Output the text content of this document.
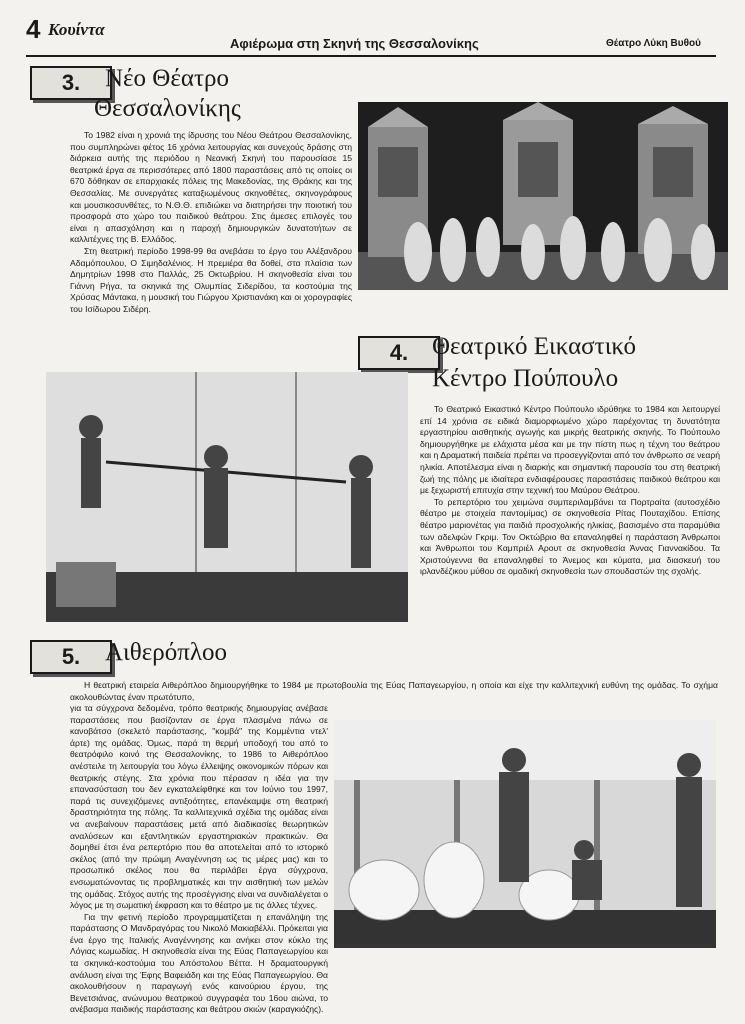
4 Κουίντα
Αφιέρωμα στη Σκηνή της Θεσσαλονίκης	Θέατρο Λύκη Βυθού
3. Νέο Θέατρο
Θεσσαλονίκης

Το 1982 είναι η χρονιά της ίδρυσης του Νέου Θεάτρου Θεσσαλονίκης, που συμπληρώνει φέτος 16 χρόνια λειτουργίας και συνεχούς δράσης στη διάρκεια αυτής της περιόδου η Νεανική Σκηνή του παρουσίασε 15 θεατρικά έργα σε περισσότερες από 1800 παραστάσεις από τις οποίες οι 670 δόθηκαν σε επαρχιακές πόλεις της Μακεδονίας, της Θράκης και της Θεσσαλίας. Με συνεργάτες καταξιωμένους σκηνοθέτες, σκηνογράφους και μουσικοσυνθέτες, το Ν.Θ.Θ. επιδιώκει να διατηρήσει την ποιοτική του προσφορά στο χώρο του παιδικού θεάτρου. Στις άμεσες επιλογές του είναι η απασχόληση και η παροχή δημιουργικών δυνατοτήτων σε καλλιτέχνες της Β. Ελλάδος.

Στη θεατρική περίοδο 1998-99 θα ανεβάσει το έργο του Αλέξανδρου Αδαμόπουλου, Ο Σιμηδαλένιος. Η πρεμιέρα θα δοθεί, στα πλαίσια των Δημητρίων 1998 στο Παλλάς, 25 Οκτωβρίου. Η σκηνοθεσία είναι του Γιάννη Ρήγα, τα σκηνικά της Ολυμπίας Σιδερίδου, τα κοστούμια της Χρύσας Μάντακα, η μουσική του Γιώργου Χριστιανάκη και οι χορογραφίες του Ισίδωρου Σιδέρη.

4. Θεατρικό Εικαστικό
Κέντρο Πούπουλο

Το Θεατρικό Εικαστικό Κέντρο Πούπουλο ιδρύθηκε το 1984 και λειτουργεί επί 14 χρόνια σε ειδικά διαμορφωμένο χώρο παρέχοντας τη δυνατότητα εργαστηρίου αισθητικής αγωγής και μικρής θεατρικής σκηνής. Το Πούπουλο δημιουργήθηκε με ελάχιστα μέσα και με την πίστη πως η τέχνη του θεάτρου και η Δραματική παιδεία πρέπει να προσεγγίζονται από τον άνθρωπο σε νεαρή ηλικία. Αποτέλεσμα είναι η διαρκής και σημαντική παρουσία του στη θεατρική ζωή της πόλης με ιδιαίτερα ενδιαφέρουσες παραστάσεις παιδικού θεάτρου και με ξεχωριστή επιτυχία στην τεχνική του Μαύρου Θεάτρου.

Το ρεπερτόριο του χειμώνα συμπεριλαμβάνει τα Πορτραίτα (αυτοσχέδιο θέατρο με στοιχεία παντομίμας) σε σκηνοθεσία Ρίτας Πουταχίδου. Επίσης θέατρο μαριονέτας για παιδιά προσχολικής ηλικίας, βασισμένο στα παραμύθια των αδελφών Γκριμ. Τον Οκτώβριο θα επαναληφθεί η παράσταση Άνθρωποι και Άνθρωποι του Καμπριέλ Αρουτ σε σκηνοθεσία Άννας Γιαννακίδου. Τα Χριστούγεννα θα επαναληφθεί το Άνεμος και κύματα, μια διασκευή του ιρλανδέζικου μύθου σε ομαδική σκηνοθεσία των σπουδαστών της σχολής.

5. Αιθερόπλοο

Η θεατρική εταιρεία Αιθερόπλοο δημιουργήθηκε το 1984 με πρωτοβουλία της Εύας Παπαγεωργίου, η οποία και είχε την καλλιτεχνική ευθύνη της ομάδας. Το σχήμα ακολουθώντας έναν πρωτότυπο,

για τα σύγχρονα δεδομένα, τρόπο θεατρικής δημιουργίας ανέβασε παραστάσεις που βασίζονταν σε έργα πλασμένα πάνω σε κανοβάτσο (σκελετό παράστασης, "κομβά" της Κομμέντια ντελ' άρτε) της ομάδας. Όμως, παρά τη θερμή υποδοχή του από το θεατρόφιλο κοινό της Θεσσαλονίκης, το 1986 το Αιθερόπλοο ανέστειλε τη λειτουργία του λόγω έλλειψης οικονομικών πόρων και θεατρικής στέγης. Στα χρόνια που πέρασαν η ιδέα για την επανασύσταση του δεν εγκαταλείφθηκε και τον Ιούνιο του 1997, παρά τις συνεχιζόμενες αντιξοότητες, επανέκαμψε στη θεατρική δραστηριότητα της πόλης. Τα καλλιτεχνικά σχέδια της ομάδας είναι να ανεβαίνουν παραστάσεις μετά από διαδικασίες θεωρητικών αναλύσεων και εξαντλητικών εργαστηριακών πρακτικών. Θα δομηθεί έτσι ένα ρεπερτόριο που θα αποτελείται από το ιστορικό σκέλος (από την πρώιμη Αναγέννηση ως τις μέρες μας) και το προσωπικό σκέλος που θα περιλάβει έργα σύγχρονα, ενσωματώνοντας τις προβληματικές και την αισθητική των μελών της ομάδας. Στόχος αυτής της προσέγγισης είναι να συνδιαλέγεται ο λόγος με τη σωματική έκφραση και το θέατρο με τις άλλες τέχνες.

Για την φετινή περίοδο προγραμματίζεται η επανάληψη της παράστασης Ο Μανδραγόρας του Νικολό Μακιαβέλλι. Πρόκειται για ένα έργο της Ιταλικής Αναγέννησης και ανήκει στον κύκλο της Λόγιας κωμωδίας. Η σκηνοθεσία είναι της Εύας Παπαγεωργίου και τα σκηνικά-κοστούμια του Απόστολου Βέττα. Η δραματουργική ανάλυση είναι της Έφης Βαφειάδη και της Εύας Παπαγεωργίου. Θα ακολουθήσουν η παραγωγή ενός καινούριου έργου, της Βενετσιάνας, ανώνυμου θεατρικού συγγραφέα του 16ου αιώνα, το ανέβασμα παιδικής παράστασης και θεάτρου σκιών (καραγκιόζης).
